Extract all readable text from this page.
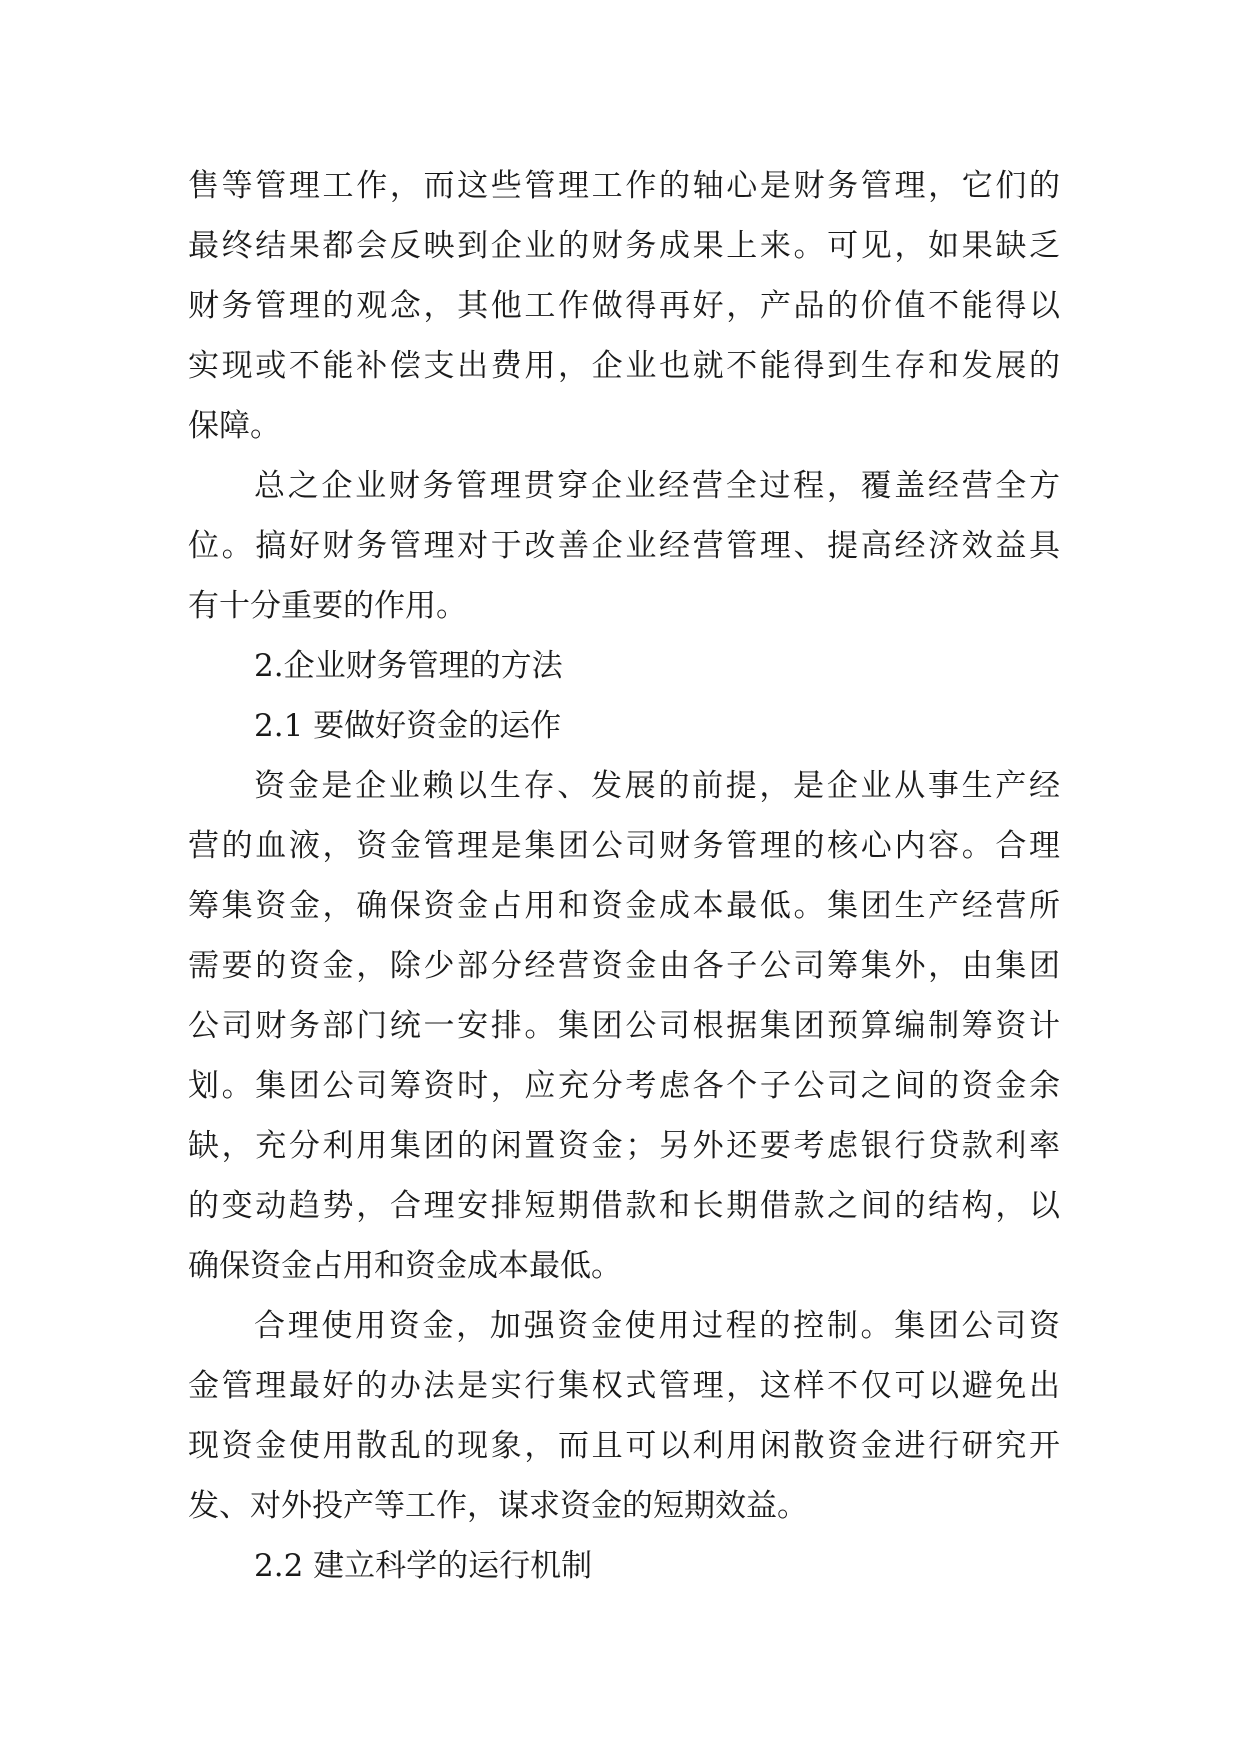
售等管理工作，而这些管理工作的轴心是财务管理，它们的
最终结果都会反映到企业的财务成果上来。可见，如果缺乏
财务管理的观念，其他工作做得再好，产品的价值不能得以
实现或不能补偿支出费用，企业也就不能得到生存和发展的
保障。
总之企业财务管理贯穿企业经营全过程，覆盖经营全方
位。搞好财务管理对于改善企业经营管理、提高经济效益具
有十分重要的作用。
2.企业财务管理的方法
2.1 要做好资金的运作
资金是企业赖以生存、发展的前提，是企业从事生产经
营的血液，资金管理是集团公司财务管理的核心内容。合理
筹集资金，确保资金占用和资金成本最低。集团生产经营所
需要的资金，除少部分经营资金由各子公司筹集外，由集团
公司财务部门统一安排。集团公司根据集团预算编制筹资计
划。集团公司筹资时，应充分考虑各个子公司之间的资金余
缺，充分利用集团的闲置资金；另外还要考虑银行贷款利率
的变动趋势，合理安排短期借款和长期借款之间的结构，以
确保资金占用和资金成本最低。
合理使用资金，加强资金使用过程的控制。集团公司资
金管理最好的办法是实行集权式管理，这样不仅可以避免出
现资金使用散乱的现象，而且可以利用闲散资金进行研究开
发、对外投产等工作，谋求资金的短期效益。
2.2 建立科学的运行机制
